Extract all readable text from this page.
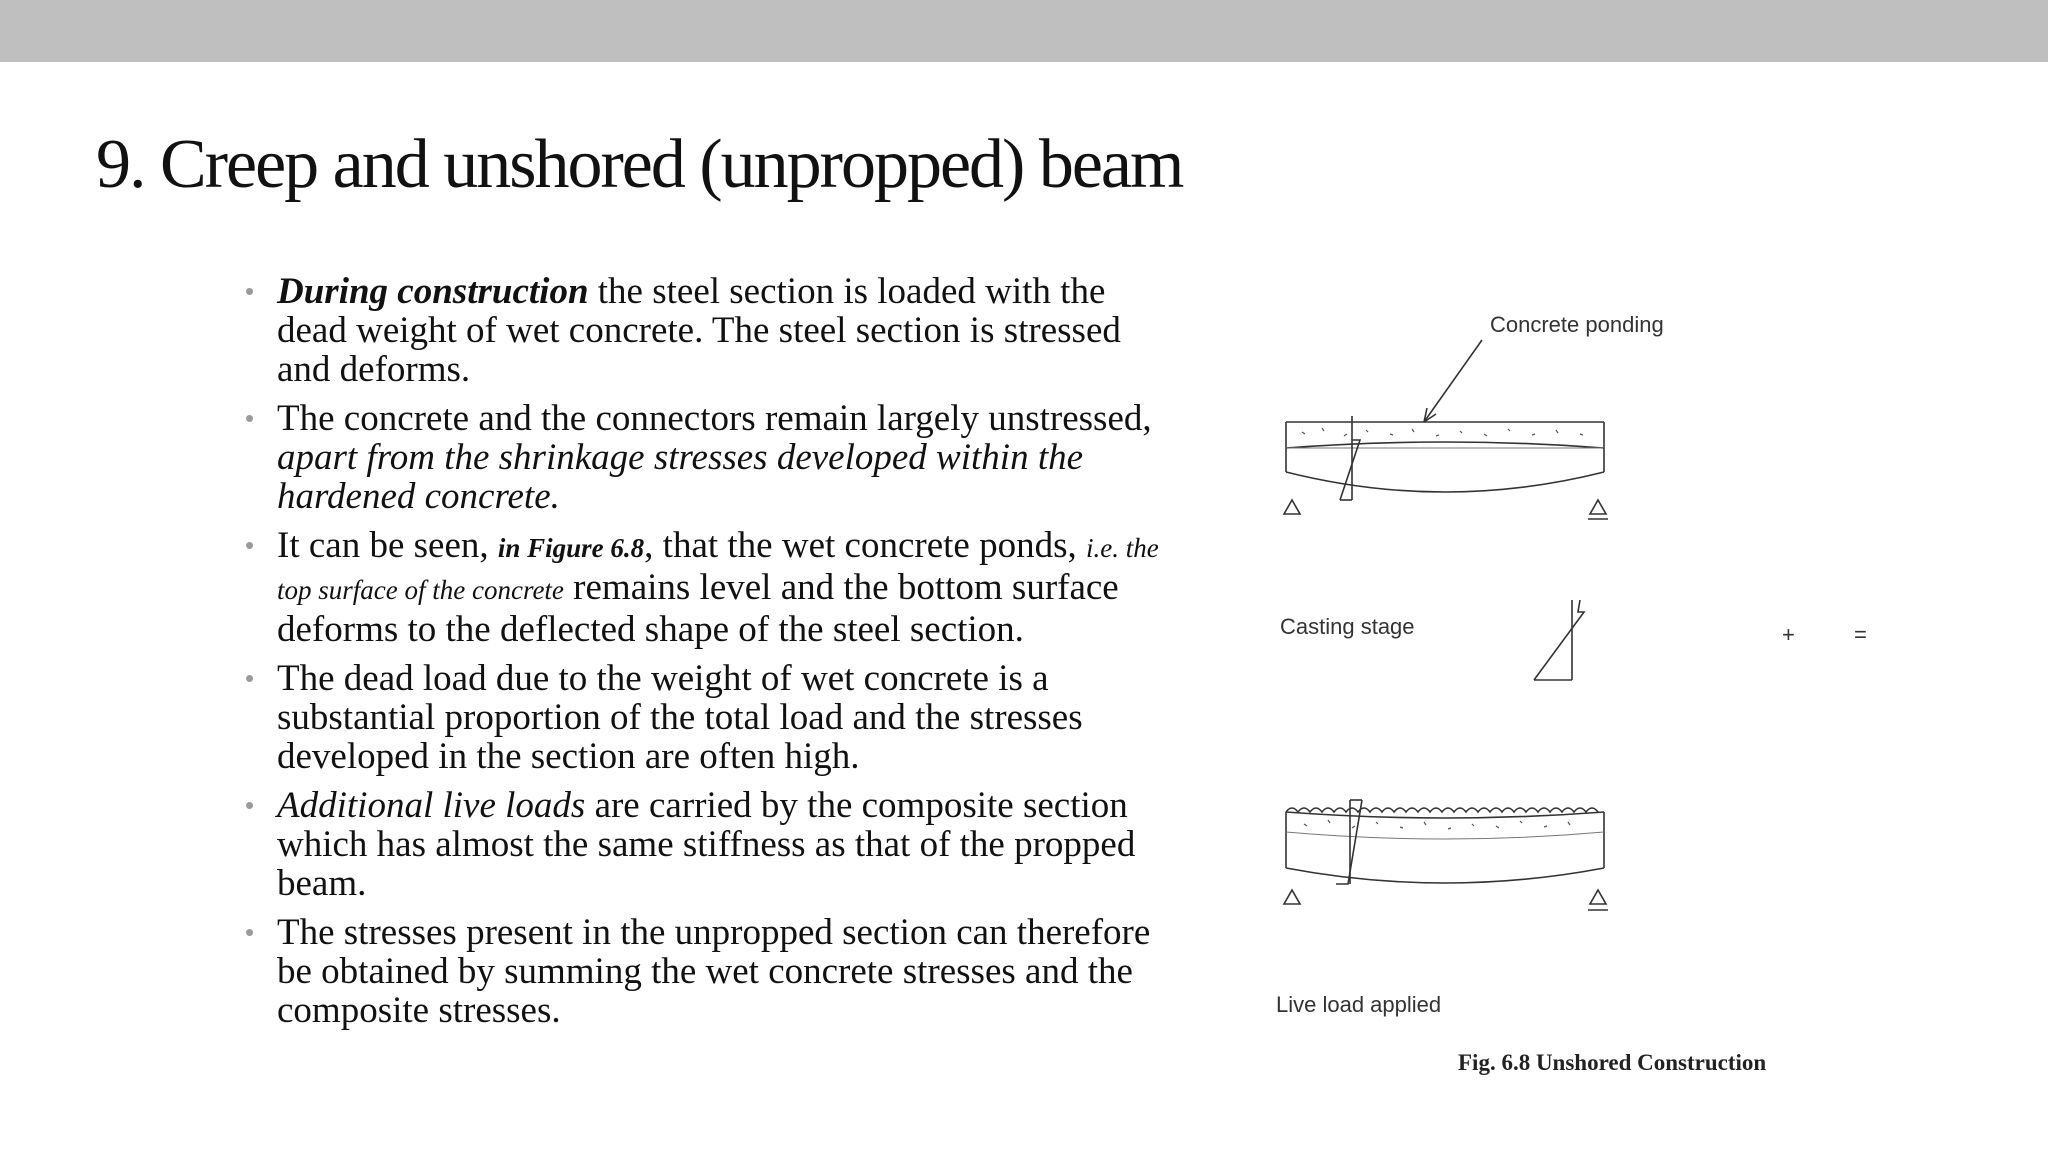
9. Creep and unshored (unpropped) beam
• During construction the steel section is loaded with the dead weight of wet concrete. The steel section is stressed and deforms.
• The concrete and the connectors remain largely unstressed, apart from the shrinkage stresses developed within the hardened concrete.
• It can be seen, in Figure 6.8, that the wet concrete ponds, i.e. the top surface of the concrete remains level and the bottom surface deforms to the deflected shape of the steel section.
• The dead load due to the weight of wet concrete is a substantial proportion of the total load and the stresses developed in the section are often high.
• Additional live loads are carried by the composite section which has almost the same stiffness as that of the propped beam.
• The stresses present in the unpropped section can therefore be obtained by summing the wet concrete stresses and the composite stresses.
Concrete ponding
Casting stage	+	=
Live load applied
Fig. 6.8 Unshored Construction
